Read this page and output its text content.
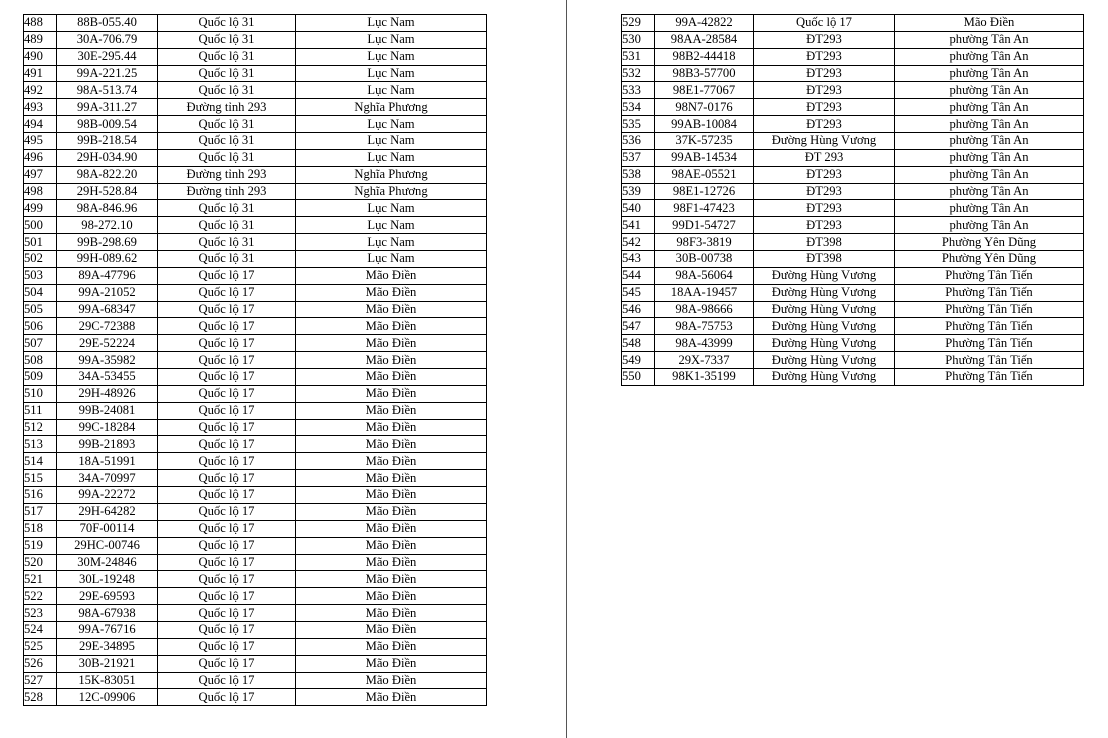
488	88B-055.40	Quốc lộ 31	Lục Nam
489	30A-706.79	Quốc lộ 31	Lục Nam
490	30E-295.44	Quốc lộ 31	Lục Nam
491	99A-221.25	Quốc lộ 31	Lục Nam
492	98A-513.74	Quốc lộ 31	Lục Nam
493	99A-311.27	Đường tỉnh 293	Nghĩa Phương
494	98B-009.54	Quốc lộ 31	Lục Nam
495	99B-218.54	Quốc lộ 31	Lục Nam
496	29H-034.90	Quốc lộ 31	Lục Nam
497	98A-822.20	Đường tỉnh 293	Nghĩa Phương
498	29H-528.84	Đường tỉnh 293	Nghĩa Phương
499	98A-846.96	Quốc lộ 31	Lục Nam
500	98-272.10	Quốc lộ 31	Lục Nam
501	99B-298.69	Quốc lộ 31	Lục Nam
502	99H-089.62	Quốc lộ 31	Lục Nam
503	89A-47796	Quốc lộ 17	Mão Điền
504	99A-21052	Quốc lộ 17	Mão Điền
505	99A-68347	Quốc lộ 17	Mão Điền
506	29C-72388	Quốc lộ 17	Mão Điền
507	29E-52224	Quốc lộ 17	Mão Điền
508	99A-35982	Quốc lộ 17	Mão Điền
509	34A-53455	Quốc lộ 17	Mão Điền
510	29H-48926	Quốc lộ 17	Mão Điền
511	99B-24081	Quốc lộ 17	Mão Điền
512	99C-18284	Quốc lộ 17	Mão Điền
513	99B-21893	Quốc lộ 17	Mão Điền
514	18A-51991	Quốc lộ 17	Mão Điền
515	34A-70997	Quốc lộ 17	Mão Điền
516	99A-22272	Quốc lộ 17	Mão Điền
517	29H-64282	Quốc lộ 17	Mão Điền
518	70F-00114	Quốc lộ 17	Mão Điền
519	29HC-00746	Quốc lộ 17	Mão Điền
520	30M-24846	Quốc lộ 17	Mão Điền
521	30L-19248	Quốc lộ 17	Mão Điền
522	29E-69593	Quốc lộ 17	Mão Điền
523	98A-67938	Quốc lộ 17	Mão Điền
524	99A-76716	Quốc lộ 17	Mão Điền
525	29E-34895	Quốc lộ 17	Mão Điền
526	30B-21921	Quốc lộ 17	Mão Điền
527	15K-83051	Quốc lộ 17	Mão Điền
528	12C-09906	Quốc lộ 17	Mão Điền
529	99A-42822	Quốc lộ 17	Mão Điền
530	98AA-28584	ĐT293	phường Tân An
531	98B2-44418	ĐT293	phường Tân An
532	98B3-57700	ĐT293	phường Tân An
533	98E1-77067	ĐT293	phường Tân An
534	98N7-0176	ĐT293	phường Tân An
535	99AB-10084	ĐT293	phường Tân An
536	37K-57235	Đường Hùng Vương	phường Tân An
537	99AB-14534	ĐT 293	phường Tân An
538	98AE-05521	ĐT293	phường Tân An
539	98E1-12726	ĐT293	phường Tân An
540	98F1-47423	ĐT293	phường Tân An
541	99D1-54727	ĐT293	phường Tân An
542	98F3-3819	ĐT398	Phường Yên Dũng
543	30B-00738	ĐT398	Phường Yên Dũng
544	98A-56064	Đường Hùng Vương	Phường Tân Tiến
545	18AA-19457	Đường Hùng Vương	Phường Tân Tiến
546	98A-98666	Đường Hùng Vương	Phường Tân Tiến
547	98A-75753	Đường Hùng Vương	Phường Tân Tiến
548	98A-43999	Đường Hùng Vương	Phường Tân Tiến
549	29X-7337	Đường Hùng Vương	Phường Tân Tiến
550	98K1-35199	Đường Hùng Vương	Phường Tân Tiến
